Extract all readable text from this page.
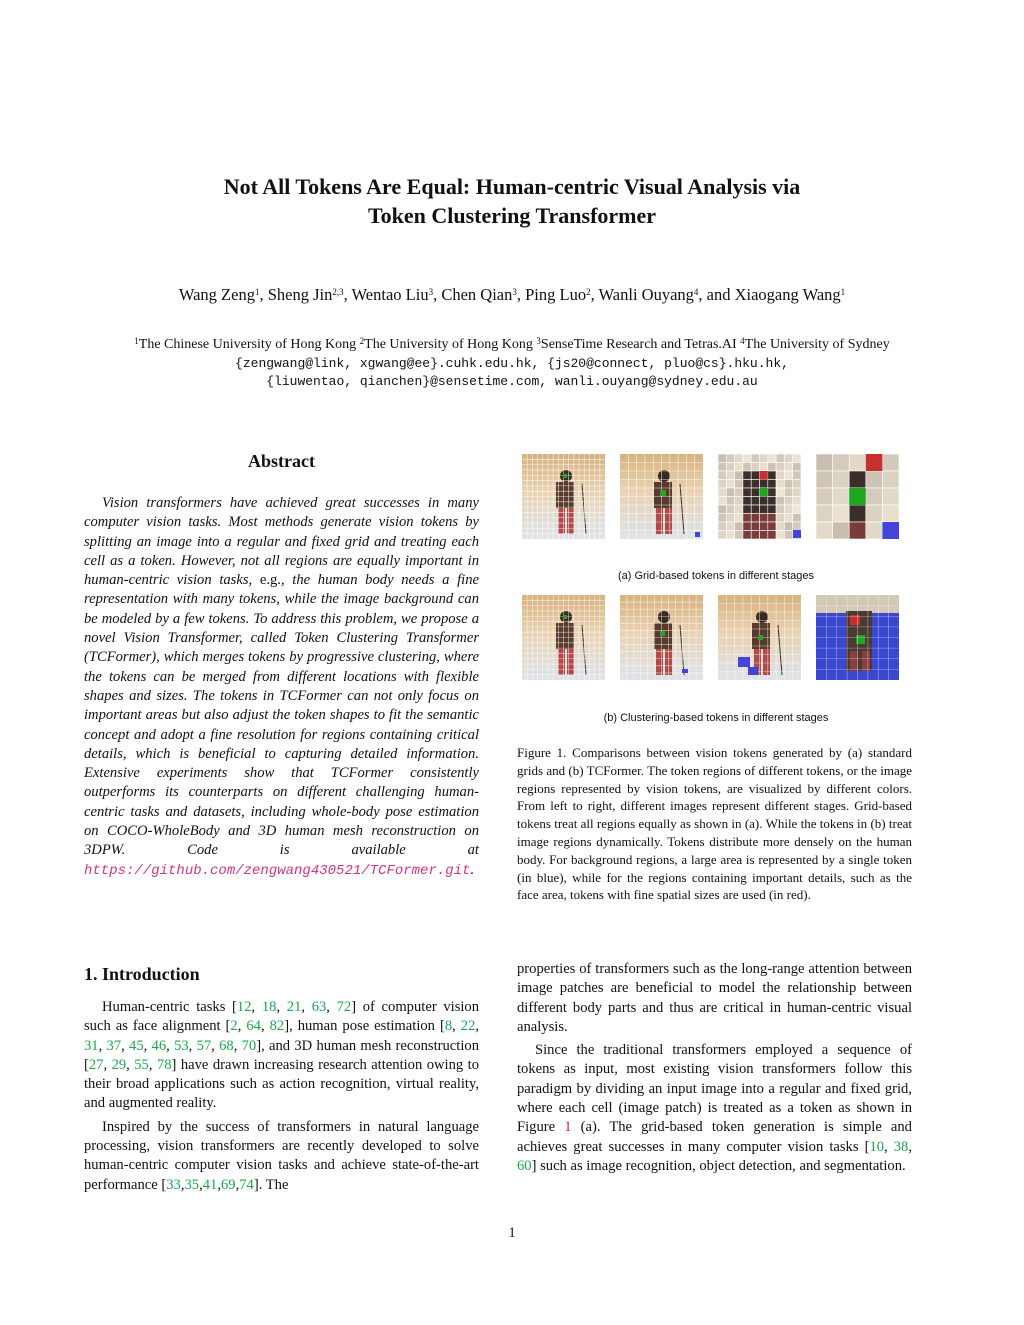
Not All Tokens Are Equal: Human-centric Visual Analysis via
Token Clustering Transformer
Wang Zeng$^1$, Sheng Jin$^{2,3}$, Wentao Liu$^3$, Chen Qian$^3$, Ping Luo$^2$, Wanli Ouyang$^4$, and Xiaogang Wang$^1$
$^1$The Chinese University of Hong Kong $^2$The University of Hong Kong $^3$SenseTime Research and Tetras.AI $^4$The University of Sydney
{zengwang@link, xgwang@ee}.cuhk.edu.hk, {js20@connect, pluo@cs}.hku.hk,
{liuwentao, qianchen}@sensetime.com, wanli.ouyang@sydney.edu.au
Abstract
Vision transformers have achieved great successes in many computer vision tasks. Most methods generate vision tokens by splitting an image into a regular and fixed grid and treating each cell as a token. However, not all regions are equally important in human-centric vision tasks, e.g., the human body needs a fine representation with many tokens, while the image background can be modeled by a few tokens. To address this problem, we propose a novel Vision Transformer, called Token Clustering Transformer (TCFormer), which merges tokens by progressive clustering, where the tokens can be merged from different locations with flexible shapes and sizes. The tokens in TCFormer can not only focus on important areas but also adjust the token shapes to fit the semantic concept and adopt a fine resolution for regions containing critical details, which is beneficial to capturing detailed information. Extensive experiments show that TCFormer consistently outperforms its counterparts on different challenging human-centric tasks and datasets, including whole-body pose estimation on COCO-WholeBody and 3D human mesh reconstruction on 3DPW. Code is available at https://github.com/zengwang430521/TCFormer.git.
(a) Grid-based tokens in different stages
(b) Clustering-based tokens in different stages
Figure 1. Comparisons between vision tokens generated by (a) standard grids and (b) TCFormer. The token regions of different tokens, or the image regions represented by vision tokens, are visualized by different colors. From left to right, different images represent different stages. Grid-based tokens treat all regions equally as shown in (a). While the tokens in (b) treat image regions dynamically. Tokens distribute more densely on the human body. For background regions, a large area is represented by a single token (in blue), while for the regions containing important details, such as the face area, tokens with fine spatial sizes are used (in red).
1. Introduction

Human-centric tasks [12, 18, 21, 63, 72] of computer vision such as face alignment [2, 64, 82], human pose estimation [8, 22, 31, 37, 45, 46, 53, 57, 68, 70], and 3D human mesh reconstruction [27, 29, 55, 78] have drawn increasing research attention owing to their broad applications such as action recognition, virtual reality, and augmented reality.

Inspired by the success of transformers in natural language processing, vision transformers are recently developed to solve human-centric computer vision tasks and achieve state-of-the-art performance [33,35,41,69,74]. The

properties of transformers such as the long-range attention between image patches are beneficial to model the relationship between different body parts and thus are critical in human-centric visual analysis.

Since the traditional transformers employed a sequence of tokens as input, most existing vision transformers follow this paradigm by dividing an input image into a regular and fixed grid, where each cell (image patch) is treated as a token as shown in Figure 1 (a). The grid-based token generation is simple and achieves great successes in many computer vision tasks [10, 38, 60] such as image recognition, object detection, and segmentation.

1
